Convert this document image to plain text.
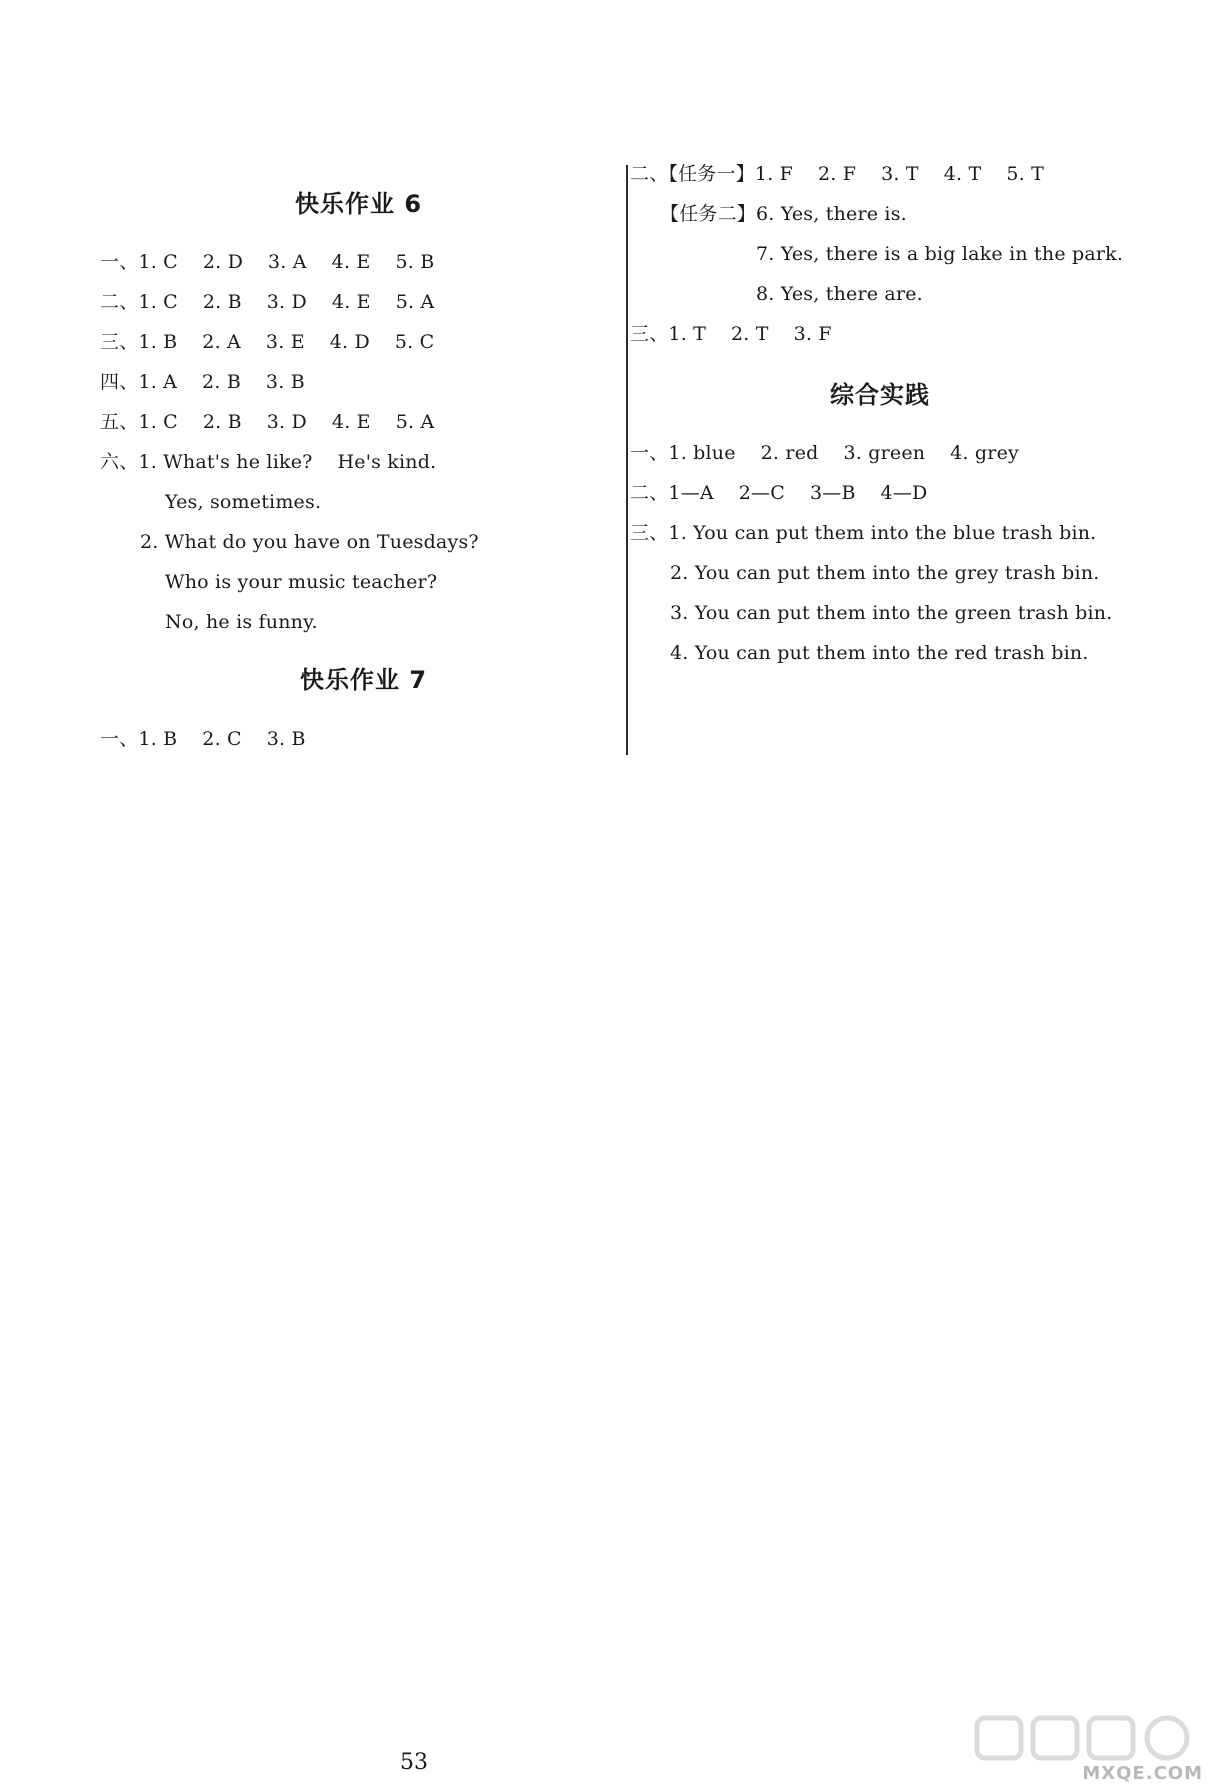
快乐作业 6
一、1. C    2. D    3. A    4. E    5. B
二、1. C    2. B    3. D    4. E    5. A
三、1. B    2. A    3. E    4. D    5. C
四、1. A    2. B    3. B
五、1. C    2. B    3. D    4. E    5. A
六、1. What's he like?    He's kind.
Yes, sometimes.
2. What do you have on Tuesdays?
Who is your music teacher?
No, he is funny.
快乐作业 7
一、1. B    2. C    3. B
二、【任务一】1. F    2. F    3. T    4. T    5. T
【任务二】6. Yes, there is.
7. Yes, there is a big lake in the park.
8. Yes, there are.
三、1. T    2. T    3. F
综合实践
一、1. blue    2. red    3. green    4. grey
二、1—A    2—C    3—B    4—D
三、1. You can put them into the blue trash bin.
2. You can put them into the grey trash bin.
3. You can put them into the green trash bin.
4. You can put them into the red trash bin.
53	MXQE.COM
